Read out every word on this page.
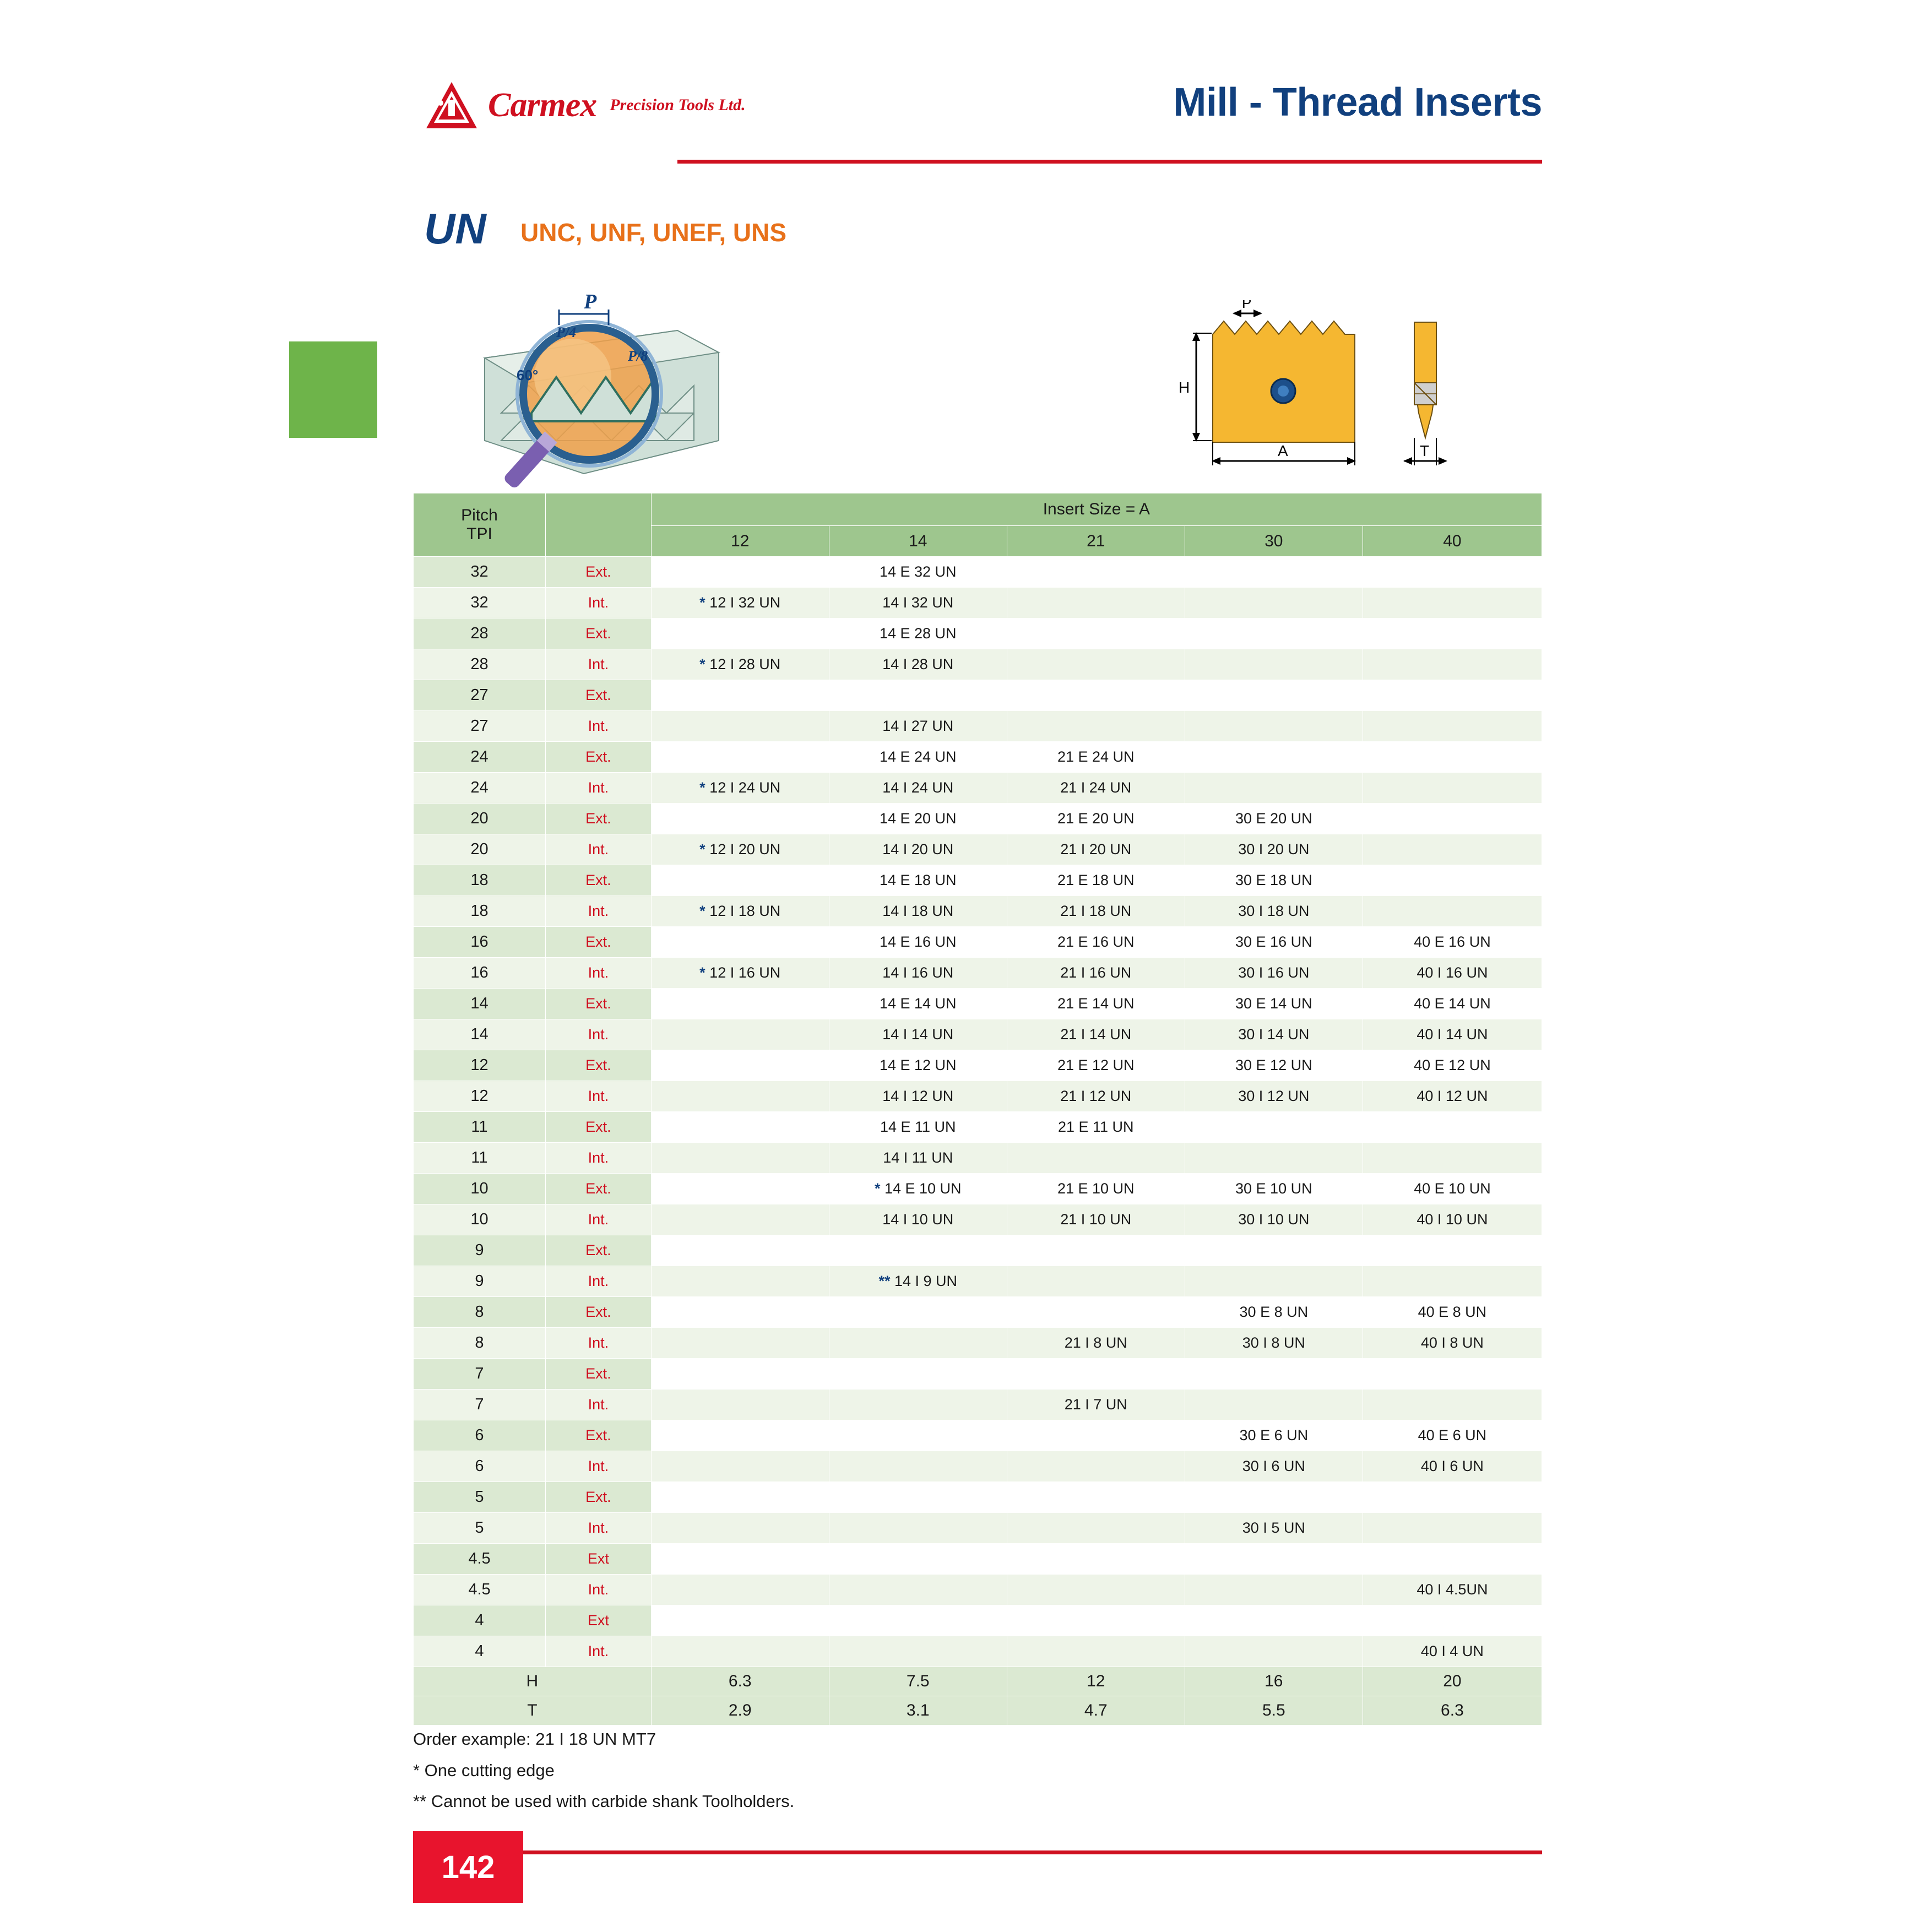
Carmex Precision Tools Ltd.	Mill - Thread Inserts
UN UNC, UNF, UNEF, UNS
P
P/4
P/8
60°
H
P
A	T
Pitch
TPI		Insert Size = A				
		12	14	21	30	40
32	Ext.		14 E 32 UN			
32	Int.	* 12 I 32 UN	14 I 32 UN			
28	Ext.		14 E 28 UN			
28	Int.	* 12 I 28 UN	14 I 28 UN			
27	Ext.					
27	Int.		14 I 27 UN			
24	Ext.		14 E 24 UN	21 E 24 UN		
24	Int.	* 12 I 24 UN	14 I 24 UN	21 I 24 UN		
20	Ext.		14 E 20 UN	21 E 20 UN	30 E 20 UN	
20	Int.	* 12 I 20 UN	14 I 20 UN	21 I 20 UN	30 I 20 UN	
18	Ext.		14 E 18 UN	21 E 18 UN	30 E 18 UN	
18	Int.	* 12 I 18 UN	14 I 18 UN	21 I 18 UN	30 I 18 UN	
16	Ext.		14 E 16 UN	21 E 16 UN	30 E 16 UN	40 E 16 UN
16	Int.	* 12 I 16 UN	14 I 16 UN	21 I 16 UN	30 I 16 UN	40 I 16 UN
14	Ext.		14 E 14 UN	21 E 14 UN	30 E 14 UN	40 E 14 UN
14	Int.		14 I 14 UN	21 I 14 UN	30 I 14 UN	40 I 14 UN
12	Ext.		14 E 12 UN	21 E 12 UN	30 E 12 UN	40 E 12 UN
12	Int.		14 I 12 UN	21 I 12 UN	30 I 12 UN	40 I 12 UN
11	Ext.		14 E 11 UN	21 E 11 UN		
11	Int.		14 I 11 UN			
10	Ext.		* 14 E 10 UN	21 E 10 UN	30 E 10 UN	40 E 10 UN
10	Int.		14 I 10 UN	21 I 10 UN	30 I 10 UN	40 I 10 UN
9	Ext.					
9	Int.		** 14 I 9 UN			
8	Ext.				30 E 8 UN	40 E 8 UN
8	Int.			21 I 8 UN	30 I 8 UN	40 I 8 UN
7	Ext.					
7	Int.			21 I 7 UN		
6	Ext.				30 E 6 UN	40 E 6 UN
6	Int.				30 I 6 UN	40 I 6 UN
5	Ext.					
5	Int.				30 I 5 UN	
4.5	Ext					
4.5	Int.					40 I 4.5UN
4	Ext					
4	Int.					40 I 4 UN
H		6.3	7.5	12	16	20
T		2.9	3.1	4.7	5.5	6.3
Order example: 21 I 18 UN MT7
* One cutting edge
** Cannot be used with carbide shank Toolholders.
142
